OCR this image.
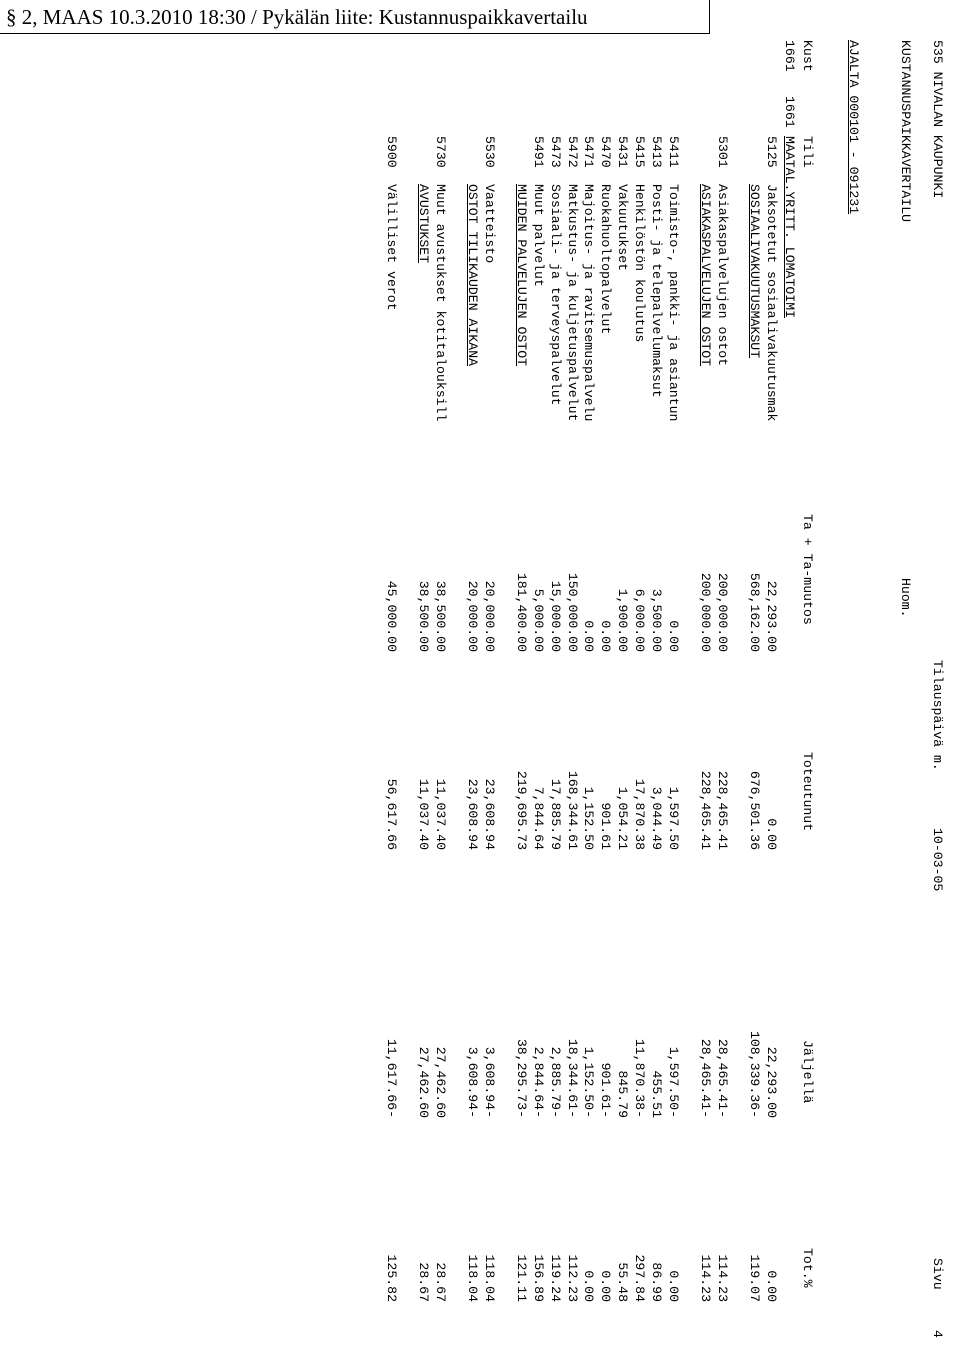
§ 2, MAAS 10.3.2010 18:30 / Pykälän liite: Kustannuspaikkavertailu

535 NIVALAN KAUPUNKI

Tilauspäivä m.

10-03-05

Sivu

4

KUSTANNUSPAIKKAVERTAILU

Huom.

AJALTA 000101 - 091231

Kust

Tili

Ta + Ta-muutos

Toteutunut

Jäljellä

Tot.%

1661

1661

MAATAL.YRITT. LOMATOIMI

5125
Jaksotetut sosiaalivakuutusmak
22,293.00
0.00
22,293.00
0.00
SOSIAALIVAKUUTUSMAKSUT
568,162.00
676,501.36
108,339.36-
119.07
5301
Asiakaspalvelujen ostot
200,000.00
228,465.41
28,465.41-
114.23
ASIAKASPALVELUJEN OSTOT
200,000.00
228,465.41
28,465.41-
114.23
5411
Toimisto-, pankki- ja asiantun
0.00
1,597.50
1,597.50-
0.00
5413
Posti- ja telepalvelumaksut
3,500.00
3,044.49
455.51
86.99
5415
Henkilöstön koulutus
6,000.00
17,870.38
11,870.38-
297.84
5431
Vakuutukset
1,900.00
1,054.21
845.79
55.48
5470
Ruokahuoltopalvelut
0.00
901.61
901.61-
0.00
5471
Majoitus- ja ravitsemuspalvelu
0.00
1,152.50
1,152.50-
0.00
5472
Matkustus- ja kuljetuspalvelut
150,000.00
168,344.61
18,344.61-
112.23
5473
Sosiaali- ja terveyspalvelut
15,000.00
17,885.79
2,885.79-
119.24
5491
Muut palvelut
5,000.00
7,844.64
2,844.64-
156.89
MUIDEN PALVELUJEN OSTOT
181,400.00
219,695.73
38,295.73-
121.11
5530
Vaatteisto
20,000.00
23,608.94
3,608.94-
118.04
OSTOT TILIKAUDEN AIKANA
20,000.00
23,608.94
3,608.94-
118.04
5730
Muut avustukset kotitalouksill
38,500.00
11,037.40
27,462.60
28.67
AVUSTUKSET
38,500.00
11,037.40
27,462.60
28.67
5900
Välilliset verot
45,000.00
56,617.66
11,617.66-
125.82
